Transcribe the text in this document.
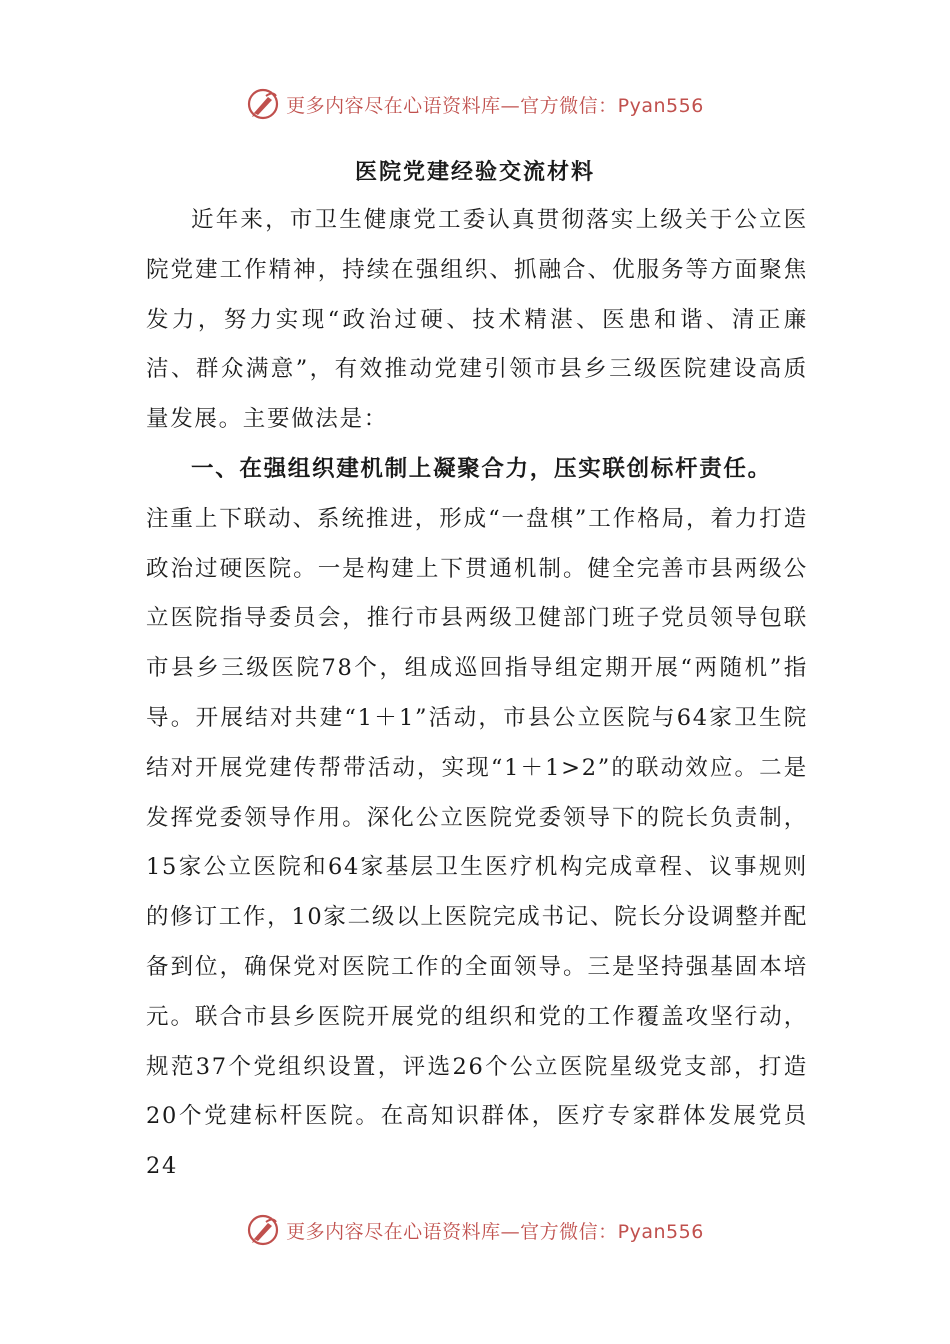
更多内容尽在心语资料库—官方微信：Pyan556
医院党建经验交流材料

近年来，市卫生健康党工委认真贯彻落实上级关于公立医院党建工作精神，持续在强组织、抓融合、优服务等方面聚焦发力，努力实现“政治过硬、技术精湛、医患和谐、清正廉洁、群众满意”，有效推动党建引领市县乡三级医院建设高质量发展。主要做法是：

一、在强组织建机制上凝聚合力，压实联创标杆责任。

注重上下联动、系统推进，形成“一盘棋”工作格局，着力打造政治过硬医院。一是构建上下贯通机制。健全完善市县两级公立医院指导委员会，推行市县两级卫健部门班子党员领导包联市县乡三级医院78个，组成巡回指导组定期开展“两随机”指导。开展结对共建“1＋1”活动，市县公立医院与64家卫生院结对开展党建传帮带活动，实现“1＋1>2”的联动效应。二是发挥党委领导作用。深化公立医院党委领导下的院长负责制，15家公立医院和64家基层卫生医疗机构完成章程、议事规则的修订工作，10家二级以上医院完成书记、院长分设调整并配备到位，确保党对医院工作的全面领导。三是坚持强基固本培元。联合市县乡医院开展党的组织和党的工作覆盖攻坚行动，规范37个党组织设置，评选26个公立医院星级党支部，打造20个党建标杆医院。在高知识群体，医疗专家群体发展党员24

更多内容尽在心语资料库—官方微信：Pyan556
